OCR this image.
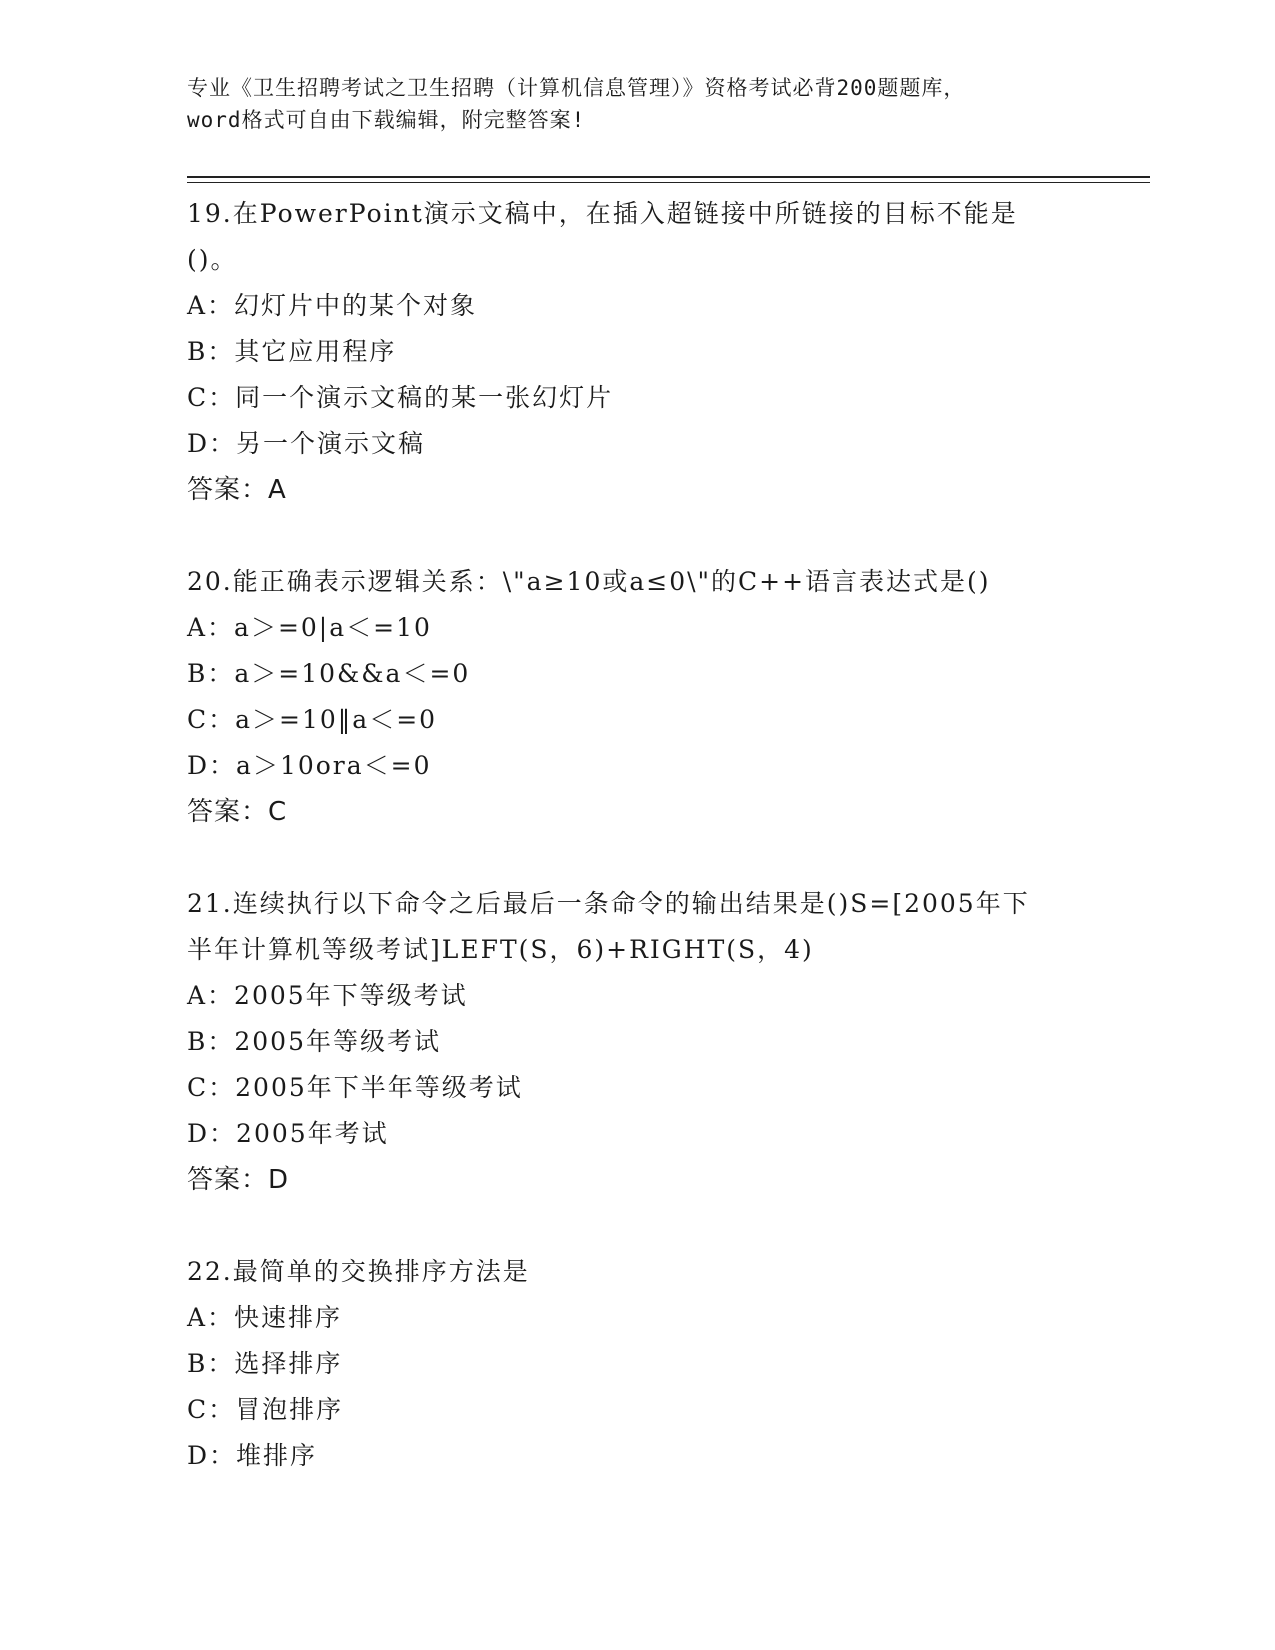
专业《卫生招聘考试之卫生招聘（计算机信息管理）》资格考试必背200题题库，
word格式可自由下载编辑，附完整答案!
19.在PowerPoint演示文稿中，在插入超链接中所链接的目标不能是
()。
A：幻灯片中的某个对象
B：其它应用程序
C：同一个演示文稿的某一张幻灯片
D：另一个演示文稿
答案：A
20.能正确表示逻辑关系：\"a≥10或a≤0\"的C++语言表达式是()
A：a＞=0|a＜=10
B：a＞=10&&a＜=0
C：a＞=10‖a＜=0
D：a＞10ora＜=0
答案：C
21.连续执行以下命令之后最后一条命令的输出结果是()S=[2005年下
半年计算机等级考试]LEFT(S，6)+RIGHT(S，4)
A：2005年下等级考试
B：2005年等级考试
C：2005年下半年等级考试
D：2005年考试
答案：D
22.最简单的交换排序方法是
A：快速排序
B：选择排序
C：冒泡排序
D：堆排序
